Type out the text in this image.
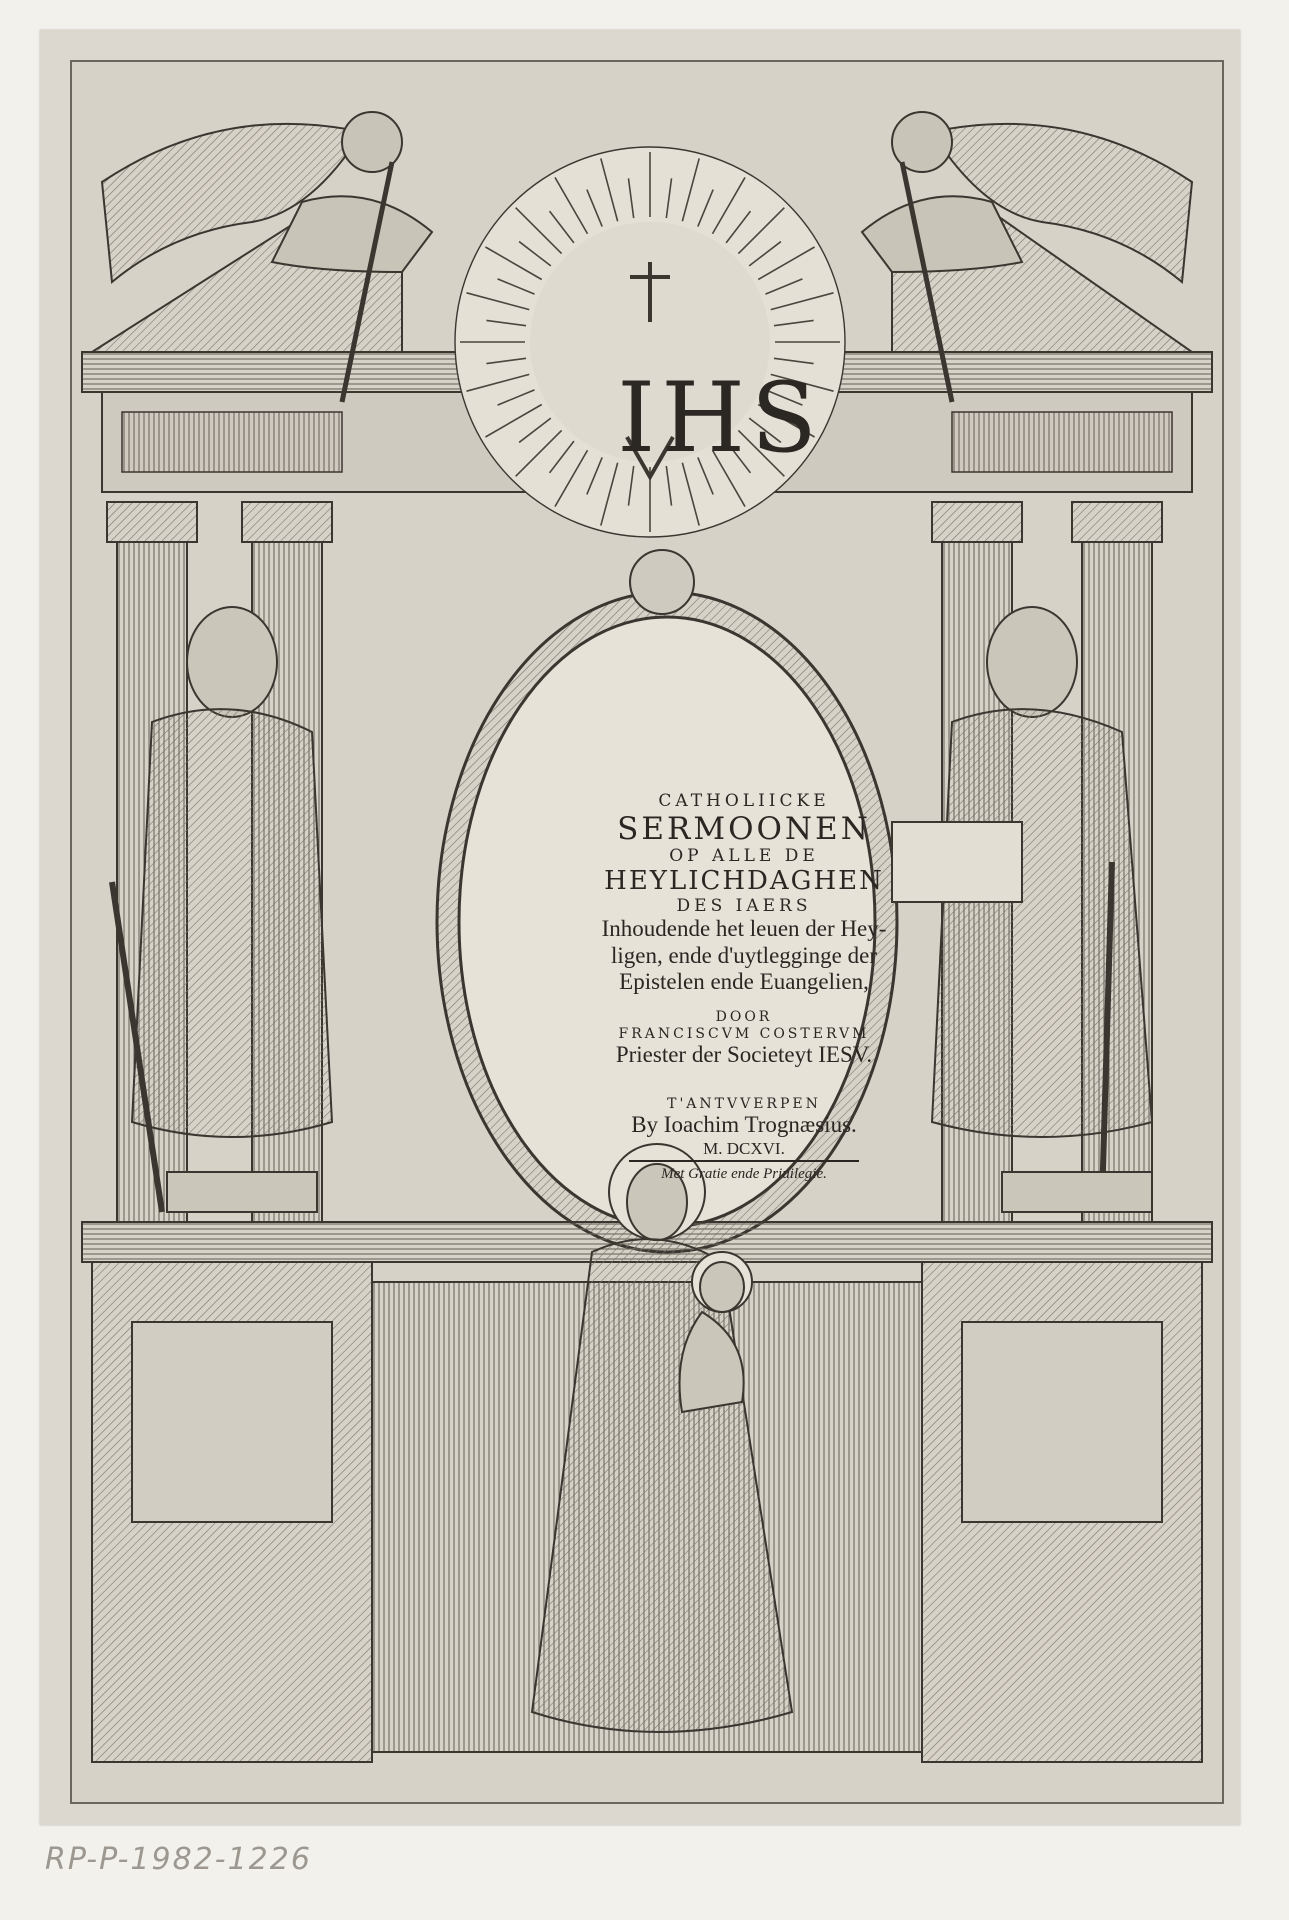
IHS
CATHOLIICKE
SERMOONEN
OP ALLE DE
HEYLICHDAGHEN
DES IAERS
Inhoudende het leuen der Hey-
ligen, ende d'uytlegginge der
Epistelen ende Euangelien,
DOOR
FRANCISCVM COSTERVM
Priester der Societeyt IESV.
T'ANTVVERPEN
By Ioachim Trognæsius.
M. DCXVI.
Met Gratie ende Priuilegie.
RP-P-1982-1226
